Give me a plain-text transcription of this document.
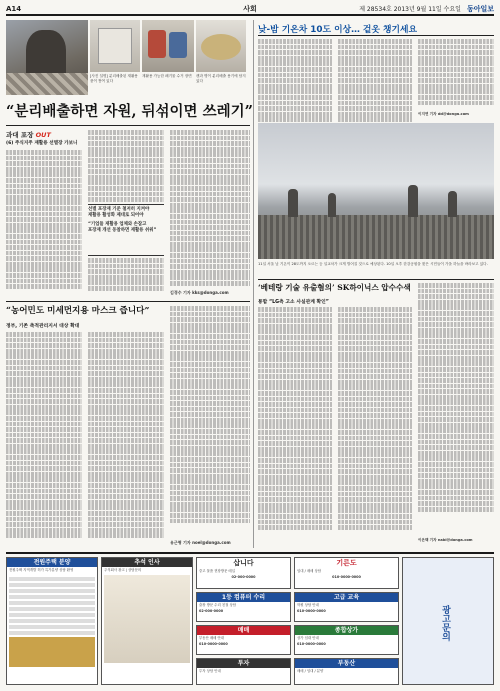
A14	사회	제 28534호 2013년 9월 11일 수요일 동아일보
[사진 설명] 분리배출된 재활용품이 쌓여 있다
재활용 가능한 폐기물 수거 장면	캔과 병이 분리배출 용기에 담겨 있다
“분리배출하면 자원, 뒤섞이면 쓰레기”
과대 포장 OUT
(6) 주식지주 재활용 선별장 가보니
선별 포장재 기준 철저히 지켜야
재활용 활성화 제대로 되어야
“기업들 재활용 업체와 손잡고
포장재 개선 동참하면 재활용 쉬워”
김경수 기자 kks@donga.com
“농어민도 미세먼지용 마스크 즙니다”
정부, 기존 축적관리지서 대상 확대
유근형 기자 noel@donga.com
낮-밤 기온차 10도 이상… 겉옷 챙기세요
이지연 기자 dd@donga.com
11일 서울 낮 기온이 28도까지 오르는 등 일교차가 크게 벌어질 것으로 예상된다. 10일 오후 한강공원을 찾은 시민들이 가을 하늘을 바라보고 있다.
‘베테랑 기술 유출혐의’ SK하이닉스 압수수색
통합 “LG측 고소 사실관계 확인”
이은택 기자 nabi@donga.com
전원주택 분양
전원주택 지역개발 허가 특가분양 상담 환영
추석 인사
주식회사 광고 | 상담문의
삽니다
중고 물품 현장방문 매입
02-000-0000
기른도
임대 / 매매 상담
010-0000-0000
광고문의
1등 컴퓨터 수리
출장 방문 수리 친절 상담
02-000-0000
고급 교육
학원 상담 안내
010-0000-0000
매매
부동산 매매 안내
010-0000-0000
종합상가
상가 임대 안내
010-0000-0000
투자
투자 상담 안내
부동산
매매 / 임대 / 분양
